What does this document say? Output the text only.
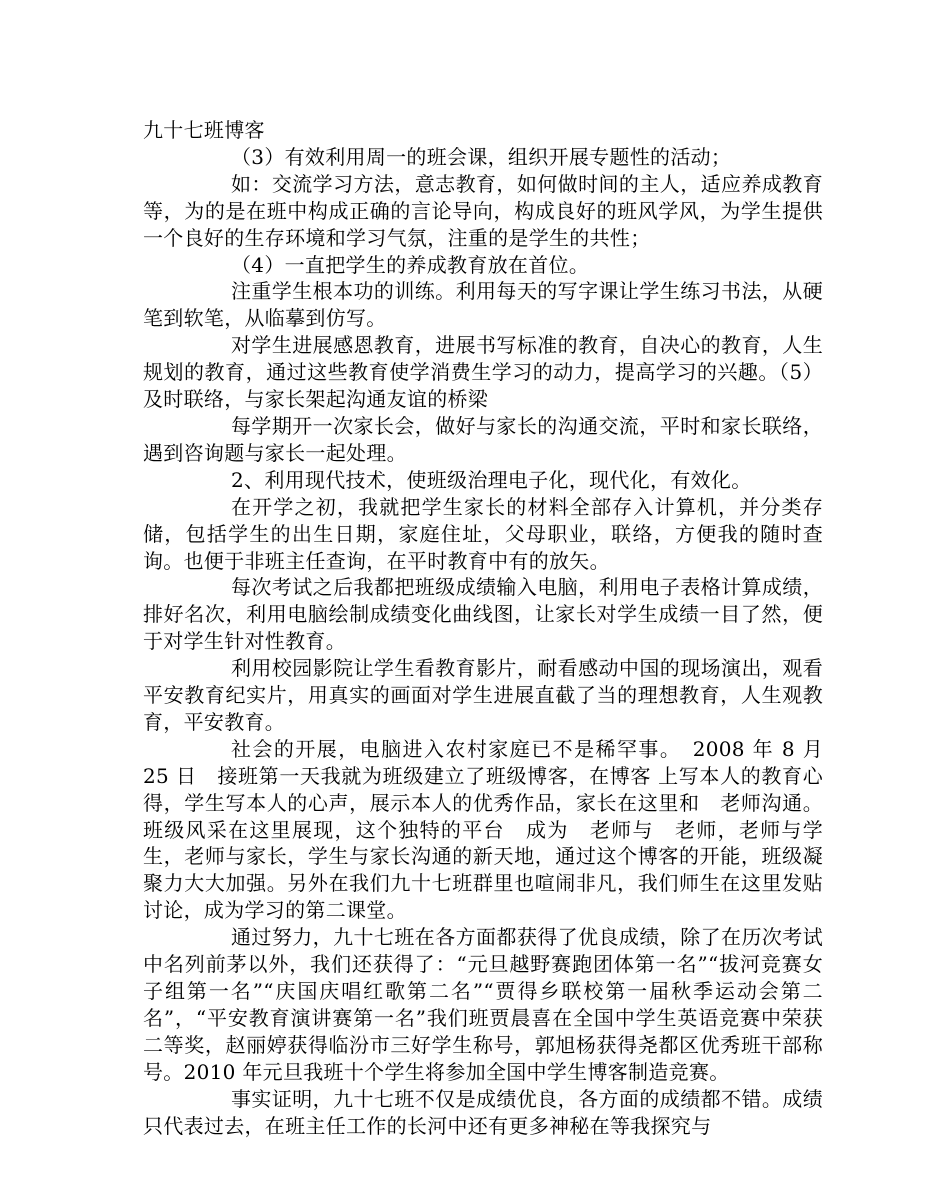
九十七班博客

（3）有效利用周一的班会课，组织开展专题性的活动；

如：交流学习方法，意志教育，如何做时间的主人，适应养成教育等，为的是在班中构成正确的言论导向，构成良好的班风学风，为学生提供一个良好的生存环境和学习气氛，注重的是学生的共性；

（4）一直把学生的养成教育放在首位。

注重学生根本功的训练。利用每天的写字课让学生练习书法，从硬笔到软笔，从临摹到仿写。

对学生进展感恩教育，进展书写标准的教育，自决心的教育，人生规划的教育，通过这些教育使学消费生学习的动力，提高学习的兴趣。（5）及时联络，与家长架起沟通友谊的桥梁

每学期开一次家长会，做好与家长的沟通交流，平时和家长联络，遇到咨询题与家长一起处理。

2、利用现代技术，使班级治理电子化，现代化，有效化。

在开学之初，我就把学生家长的材料全部存入计算机，并分类存储，包括学生的出生日期，家庭住址，父母职业，联络，方便我的随时查询。也便于非班主任查询，在平时教育中有的放矢。

每次考试之后我都把班级成绩输入电脑，利用电子表格计算成绩，排好名次，利用电脑绘制成绩变化曲线图，让家长对学生成绩一目了然，便于对学生针对性教育。

利用校园影院让学生看教育影片，耐看感动中国的现场演出，观看平安教育纪实片，用真实的画面对学生进展直截了当的理想教育，人生观教育，平安教育。

社会的开展，电脑进入农村家庭已不是稀罕事。　2008 年 8 月 25 日　接班第一天我就为班级建立了班级博客，在博客 上写本人的教育心得，学生写本人的心声，展示本人的优秀作品，家长在这里和　老师沟通。班级风采在这里展现，这个独特的平台　成为　老师与　老师，老师与学生，老师与家长，学生与家长沟通的新天地，通过这个博客的开能，班级凝聚力大大加强。另外在我们九十七班群里也喧闹非凡，我们师生在这里发贴讨论，成为学习的第二课堂。

通过努力，九十七班在各方面都获得了优良成绩，除了在历次考试中名列前茅以外，我们还获得了：“元旦越野赛跑团体第一名”“拔河竞赛女子组第一名”“庆国庆唱红歌第二名”“贾得乡联校第一届秋季运动会第二名”，“平安教育演讲赛第一名”我们班贾晨喜在全国中学生英语竞赛中荣获二等奖，赵丽婷获得临汾市三好学生称号，郭旭杨获得尧都区优秀班干部称号。2010 年元旦我班十个学生将参加全国中学生博客制造竞赛。

事实证明，九十七班不仅是成绩优良，各方面的成绩都不错。成绩只代表过去，在班主任工作的长河中还有更多神秘在等我探究与
